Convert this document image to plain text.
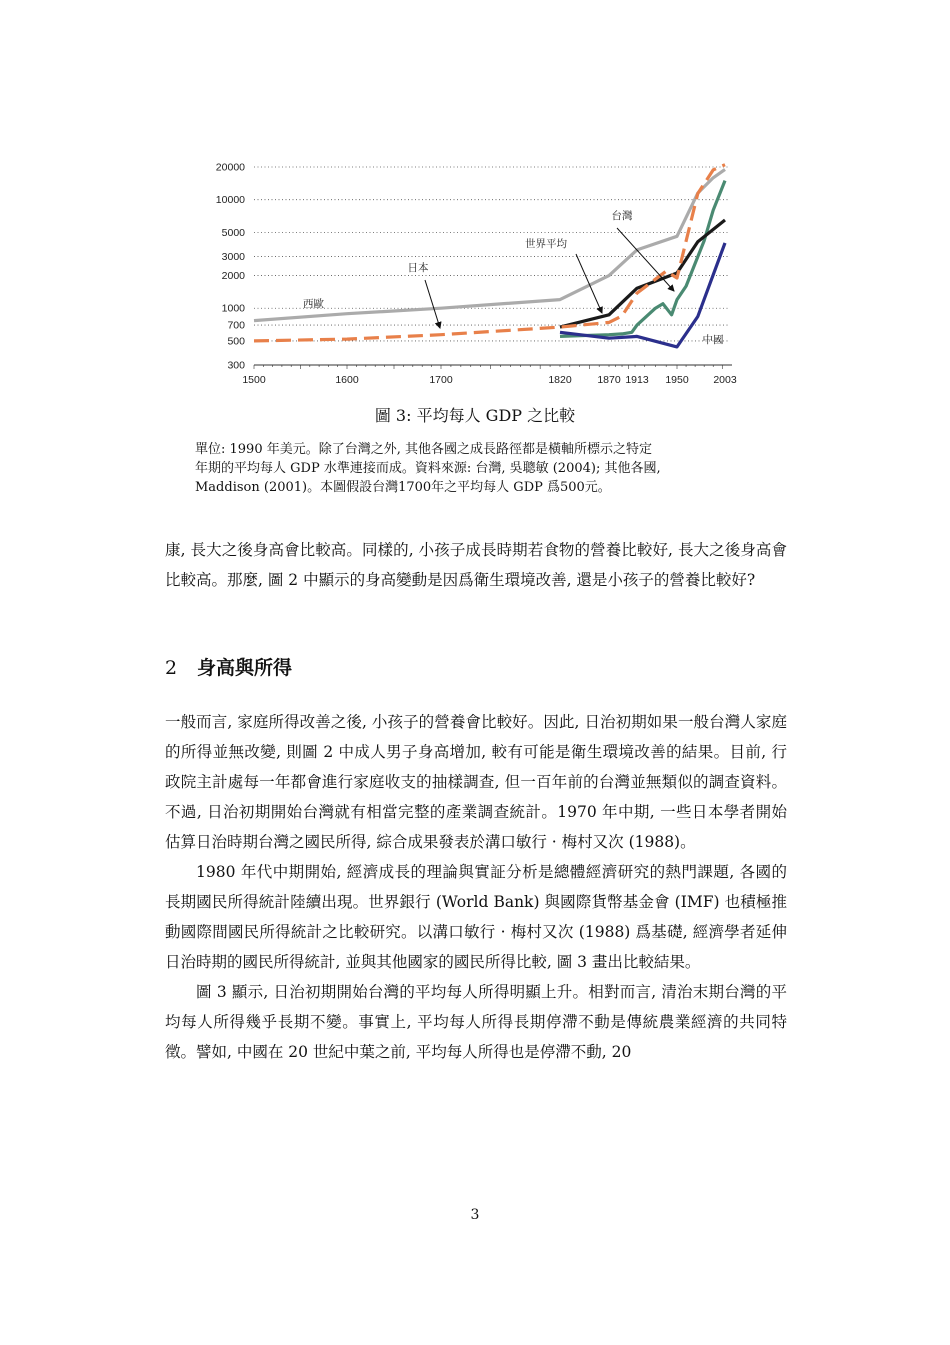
20000
10000
5000
3000
2000
1000
700
500
300
1500	1600	1700	1820 1870 1913 1950 2003
西歐
日本
世界平均
台灣
中國
圖 3: 平均每人 GDP 之比較

單位: 1990 年美元。除了台灣之外, 其他各國之成長路徑都是橫軸所標示之特定

年期的平均每人 GDP 水準連接而成。資料來源: 台灣, 吳聰敏 (2004); 其他各國,

Maddison (2001)。本圖假設台灣1700年之平均每人 GDP 爲500元。

康, 長大之後身高會比較高。同樣的, 小孩子成長時期若食物的營養比較好, 長大之後身高會比較高。那麼, 圖 2 中顯示的身高變動是因爲衛生環境改善, 還是小孩子的營養比較好?

2 身高與所得

一般而言, 家庭所得改善之後, 小孩子的營養會比較好。因此, 日治初期如果一般台灣人家庭的所得並無改變, 則圖 2 中成人男子身高增加, 較有可能是衛生環境改善的結果。目前, 行政院主計處每一年都會進行家庭收支的抽樣調查, 但一百年前的台灣並無類似的調查資料。不過, 日治初期開始台灣就有相當完整的產業調查統計。1970 年中期, 一些日本學者開始估算日治時期台灣之國民所得, 綜合成果發表於溝口敏行 · 梅村又次 (1988)。

1980 年代中期開始, 經濟成長的理論與實証分析是總體經濟研究的熱門課題, 各國的長期國民所得統計陸續出現。世界銀行 (World Bank) 與國際貨幣基金會 (IMF) 也積極推動國際間國民所得統計之比較研究。以溝口敏行 · 梅村又次 (1988) 爲基礎, 經濟學者延伸日治時期的國民所得統計, 並與其他國家的國民所得比較, 圖 3 畫出比較結果。

圖 3 顯示, 日治初期開始台灣的平均每人所得明顯上升。相對而言, 清治末期台灣的平均每人所得幾乎長期不變。事實上, 平均每人所得長期停滯不動是傳統農業經濟的共同特徵。譬如, 中國在 20 世紀中葉之前, 平均每人所得也是停滯不動, 20

3
